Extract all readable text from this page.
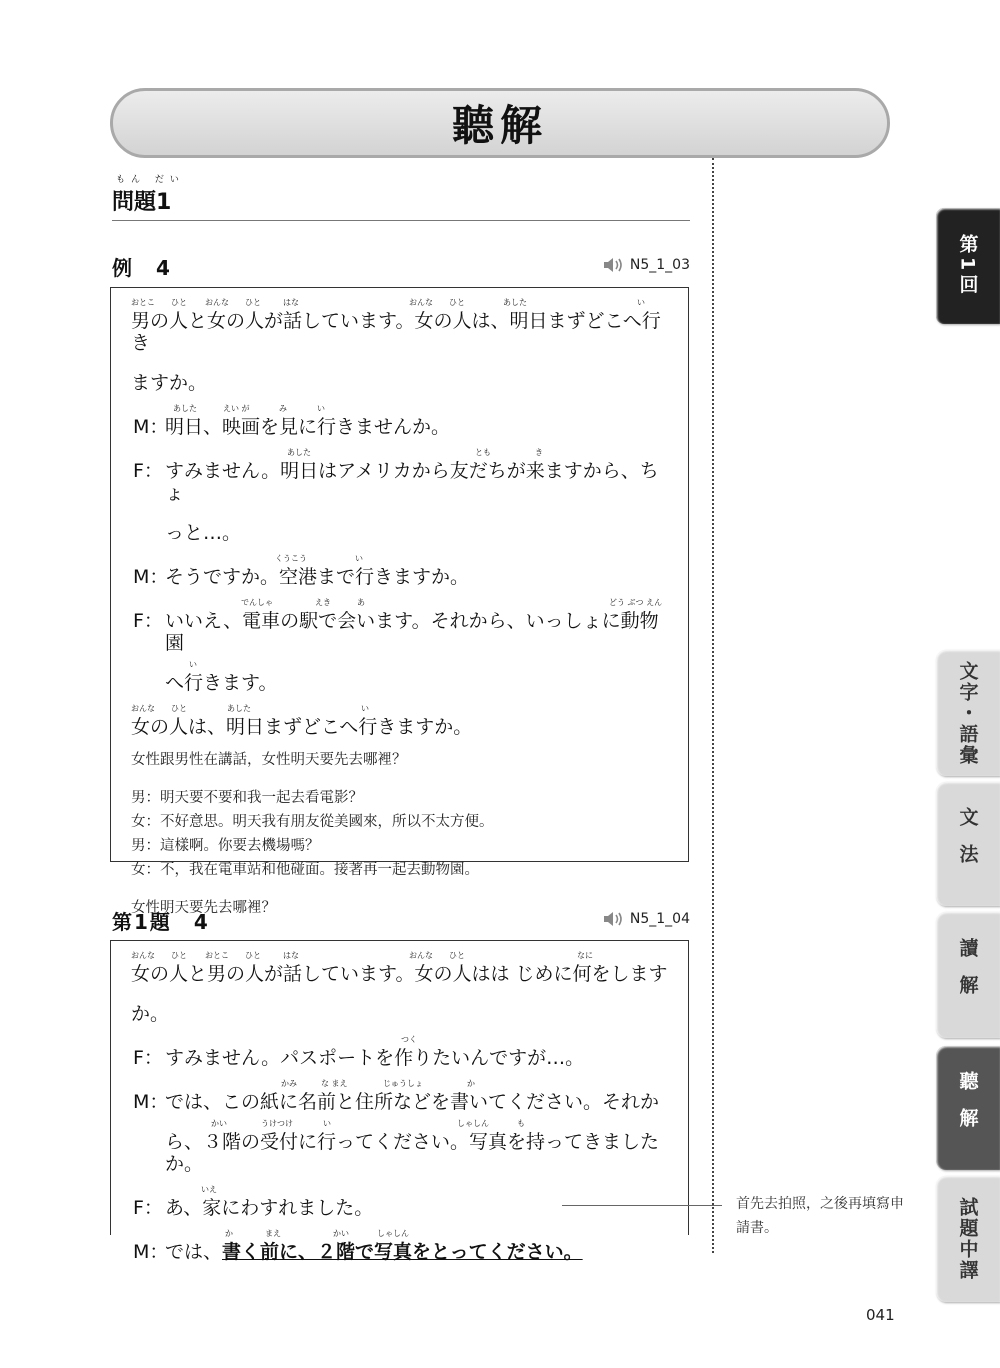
聽解
もん だい
問題1
例　4	N5_1_03
おとこ ひと おんな ひと	はな	おんな ひと	あした	い
男の人と女の人が話しています。女の人は、明日まずどこへ行き
ますか。
M：
あした	えい が	み	い
明日、映画を見に行きませんか。
F：
あした	とも	き
すみません。明日はアメリカから友だちが来ますから、ちょ
っと…。
M：
くうこう	い
そうですか。空港まで行きますか。
F：
でんしゃ	えき	あ	どう ぶつ えん
いいえ、電車の駅で会います。それから、いっしょに動物園
い
へ行きます。
おんな ひと	あした	い
女の人は、明日まずどこへ行きますか。
女性跟男性在講話，女性明天要先去哪裡？
男：明天要不要和我一起去看電影？
女：不好意思。明天我有朋友從美國來，所以不太方便。
男：這樣啊。你要去機場嗎？
女：不，我在電車站和他碰面。接著再一起去動物園。
女性明天要先去哪裡？
第1題　4	N5_1_04
おんな ひと おとこ ひと	はな	おんな ひと	なに
女の人と男の人が話しています。女の人はは じめに何をします
か。
F：
つく
すみません。パスポートを作りたいんですが…。
M：
かみ	な まえ	じゅうしょ	か
では、この紙に名前と住所などを書いてください。それか
かい	うけつけ	い	しゃしん	も
ら、３階の受付に行ってください。写真を持ってきましたか。
F：
いえ
あ、家にわすれました。
M：
か	まえ	かい	しゃしん
では、書く前に、２階で写真をとってください。
首先去拍照，之後再填寫申請書。
第1回
文字・語彙
文法
讀解
聽解
試題中譯
041
